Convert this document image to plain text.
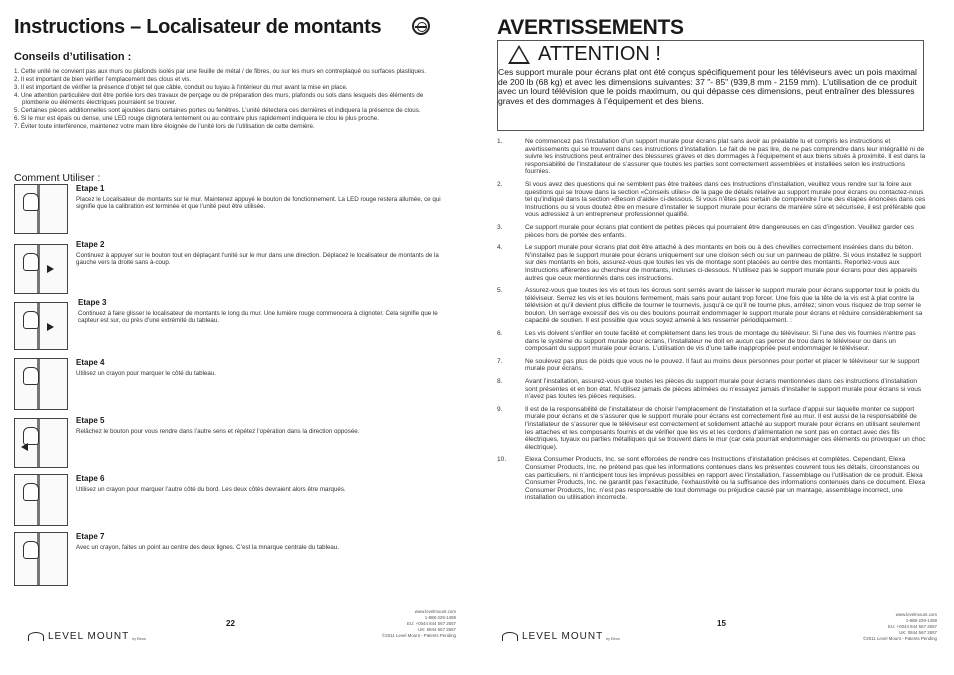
Instructions – Localisateur de montants
Conseils d’utilisation :
1. Cette unité ne convient pas aux murs ou plafonds isolés par une feuille de métal / de fibres, ou sur les murs en contreplaqué ou surfaces plastiques.
2. Il est important de bien vérifier l’emplacement des clous et vis.
3. Il est important de vérifier la présence d’objet tel que câble, conduit ou tuyau à l’intérieur du mur avant la mise en place.
4. Une attention particulière doit être portée lors des travaux de perçage ou de préparation des murs, plafonds ou sols dans lesquels des éléments de plomberie ou éléments électriques pourraient se trouver.
5. Certaines pièces additionnelles sont ajoutées dans certaines portes ou fenêtres. L’unité détectera ces dernières et indiquera la présence de clous.
6. Si le mur est épais ou dense, une LED rouge clignotera lentement ou au contraire plus rapidement indiquera le clou le plus proche.
7. Éviter toute interférence, maintenez votre main libre éloignée de l’unité lors de l’utilisation de cette dernière.
Comment Utiliser :
Etape 1
Placez le Localisateur de montants sur le mur. Maintenez appuyé le bouton de fonctionnement. La LED rouge restera allumée, ce qui signifie que la calibration est terminée et que l’unité peut être utilisée.
Etape 2
Continuez à appuyer sur le bouton tout en déplaçant l’unité sur le mur dans une direction. Déplacez le localisateur de montants de la gauche vers la droite sans à-coup.
Etape 3
Continuez à faire glisser le localisateur de montants le long du mur. Une lumière rouge commencera à clignoter. Cela signifie que le capteur est sur, ou près d’une extrémité du tableau.
Etape 4
Utilisez un crayon pour marquer le côté du tableau.
Etape 5
Relâchez le bouton pour vous rendre dans l’autre sens et répétez l’opération dans la direction opposée.
Etape 6
Utilisez un crayon pour marquer l’autre côté du bord. Les deux côtés devraient alors être marqués.
Etape 7
Avec un crayon, faites un point au centre des deux lignes. C’est la mnarque centrale du tableau.
22
www.levelmount.com
1-888-229-1459
EU: +0044 844 567 2657
UK: 0844 567 2657
©2011 Level Mount - Patents Pending
LEVEL MOUNT by Elexa
AVERTISSEMENTS
!
ATTENTION !
Ces support murale pour écrans plat ont été conçus spécifiquement pour les téléviseurs avec un pois maximal de 200 lb (68 kg) et avec les dimensions suivantes: 37 "- 85" (939,8 mm - 2159 mm). L’utilisation de ce produit avec un lourd télévision que le poids maximum, ou qui dépasse ces dimensions, peut entraîner des blessures graves et des dommages à l’équipement et des biens.
1.	Ne commencez pas l’installation d’un support murale pour écrans plat sans avoir au préalable lu et compris les instructions et avertissements qui se trouvent dans ces instructions d’installation. Le fait de ne pas lire, de ne pas comprendre dans leur intégralité ni de suivre les instructions peut entraîner des blessures graves et des dommages à l’équipement et aux biens situés à proximité. Il est dans la responsabilité de l’installateur de s’assurer que toutes les parties sont correctement assemblées et installées selon les instructions fournies.
2.	Si vous avez des questions qui ne semblent pas être traitées dans ces Instructions d’installation, veuillez vous rendre sur la foire aux questions qui se trouve dans la section «Conseils utiles» de la page de détails relative au support murale pour écrans ou contactez-nous tel qu’indiqué dans la section «Besoin d’aide» ci-dessous. Si vous n’êtes pas certain de comprendre l’une des étapes énoncées dans ces Instructions ou si vous doutez être en mesure d’installer le support murale pour écrans de manière sûre et sécurisée, il est préférable que vous adressiez à un entrepreneur professionnel qualifié.
3.	Ce support murale pour écrans plat contient de petites pièces qui pourraient être dangereuses en cas d’ingestion. Veuillez garder ces pièces hors de portée des enfants.
4.	Le support murale pour écrans plat doit être attaché à des montants en bois ou à des chevilles correctement insérées dans du béton. N’installez pas le support murale pour écrans uniquement sur une cloison sèch ou sur un panneau de plâtre. Si vous installez le support sur des montants en bois, assurez-vous que toutes les vis de montage sont placées au centre des montants. Reportez-vous aux Instructions afférentes au chercheur de montants, incluses ci-dessous. N’utilisez pas le support murale pour écrans pour des appareils autres que ceux mentionnés dans ces instructions.
5.	Assurez-vous que toutes les vis et tous les écrous sont serrés avant de laisser le support murale pour écrans supporter tout le poids du téléviseur. Serrez les vis et les boulons fermement, mais sans pour autant trop forcer. Une fois que la tête de la vis est à plat contre la télévision et qu’il devient plus difficile de tourner le tournevis, jusqu’à ce qu’il ne tourne plus, arrêtez; sinon vous risquez de trop serrer le boulon. Un serrage excessif des vis ou des boulons pourrait endommager le support murale pour écrans et réduire considérablement sa capacité de soutien. Il est possible que vous soyez amené à les resserrer périodiquement. :
6.	Les vis doivent s’enfiler en toute facilité et complètement dans les trous de montage du téléviseur. Si l’une des vis fournies n’entre pas dans le système du support murale pour écrans, l’installateur ne doit en aucun cas percer de trou dans le téléviseur ou dans un composant du support murale pour écrans. L’utilisation de vis d’une taille inappropriée peut endommager le téléviseur.
7.	Ne soulevez pas plus de poids que vous ne le pouvez. Il faut au moins deux personnes pour porter et placer le téléviseur sur le support murale pour écrans.
8.	Avant l’installation, assurez-vous que toutes les pièces du support murale pour écrans mentionnées dans ces instructions d’installation sont présentes et en bon état. N’utilisez jamais de pièces abîmées ou n’essayez jamais d’installer le support murale pour écrans si vous n’avez pas toutes les pièces requises.
9.	Il est de la responsabilité de l’installateur de choisir l’emplacement de l’installation et la surface d’appui sur laquelle monter ce support murale pour écrans et de s’assurer que le support murale pour écrans est correctement fixé au mur. Il est aussi de la responsabilité de l’installateur de s’assurer que le téléviseur est correctement et solidement attaché au support murale pour écrans en utilisant seulement les attaches et les composants fournis et de vérifier que les vis et les cordons d’alimentation ne sont pas en contact avec des fils électriques, tuyaux ou parties métalliques qui se trouvent dans le mur (car cela pourrait endommager ces éléments ou provoquer un choc électrique).
10.	Elexa Consumer Products, Inc. se sont efforcées de rendre ces Instructions d’installation précises et complètes. Cependant, Elexa Consumer Products, Inc. ne prétend pas que les informations contenues dans les présentes couvrent tous les détails, circonstances ou cas particuliers, ni n’anticipent tous les imprévus possibles en rapport avec l’installation, l’assemblage ou l’utilisation de ce produit. Elexa Consumer Products, Inc. ne garantit pas l’exactitude, l’exhaustivité ou la suffisance des informations contenues dans ce document. Elexa Consumer Products, Inc. n’est pas responsable de tout dommage ou préjudice causé par un mantage, assemblage incorrect, une installation ou utilisation incorrecte.
15
www.levelmount.com
1-888-229-1459
EU: +0044 844 567 2657
UK: 0844 567 2657
©2011 Level Mount - Patents Pending
LEVEL MOUNT by Elexa
